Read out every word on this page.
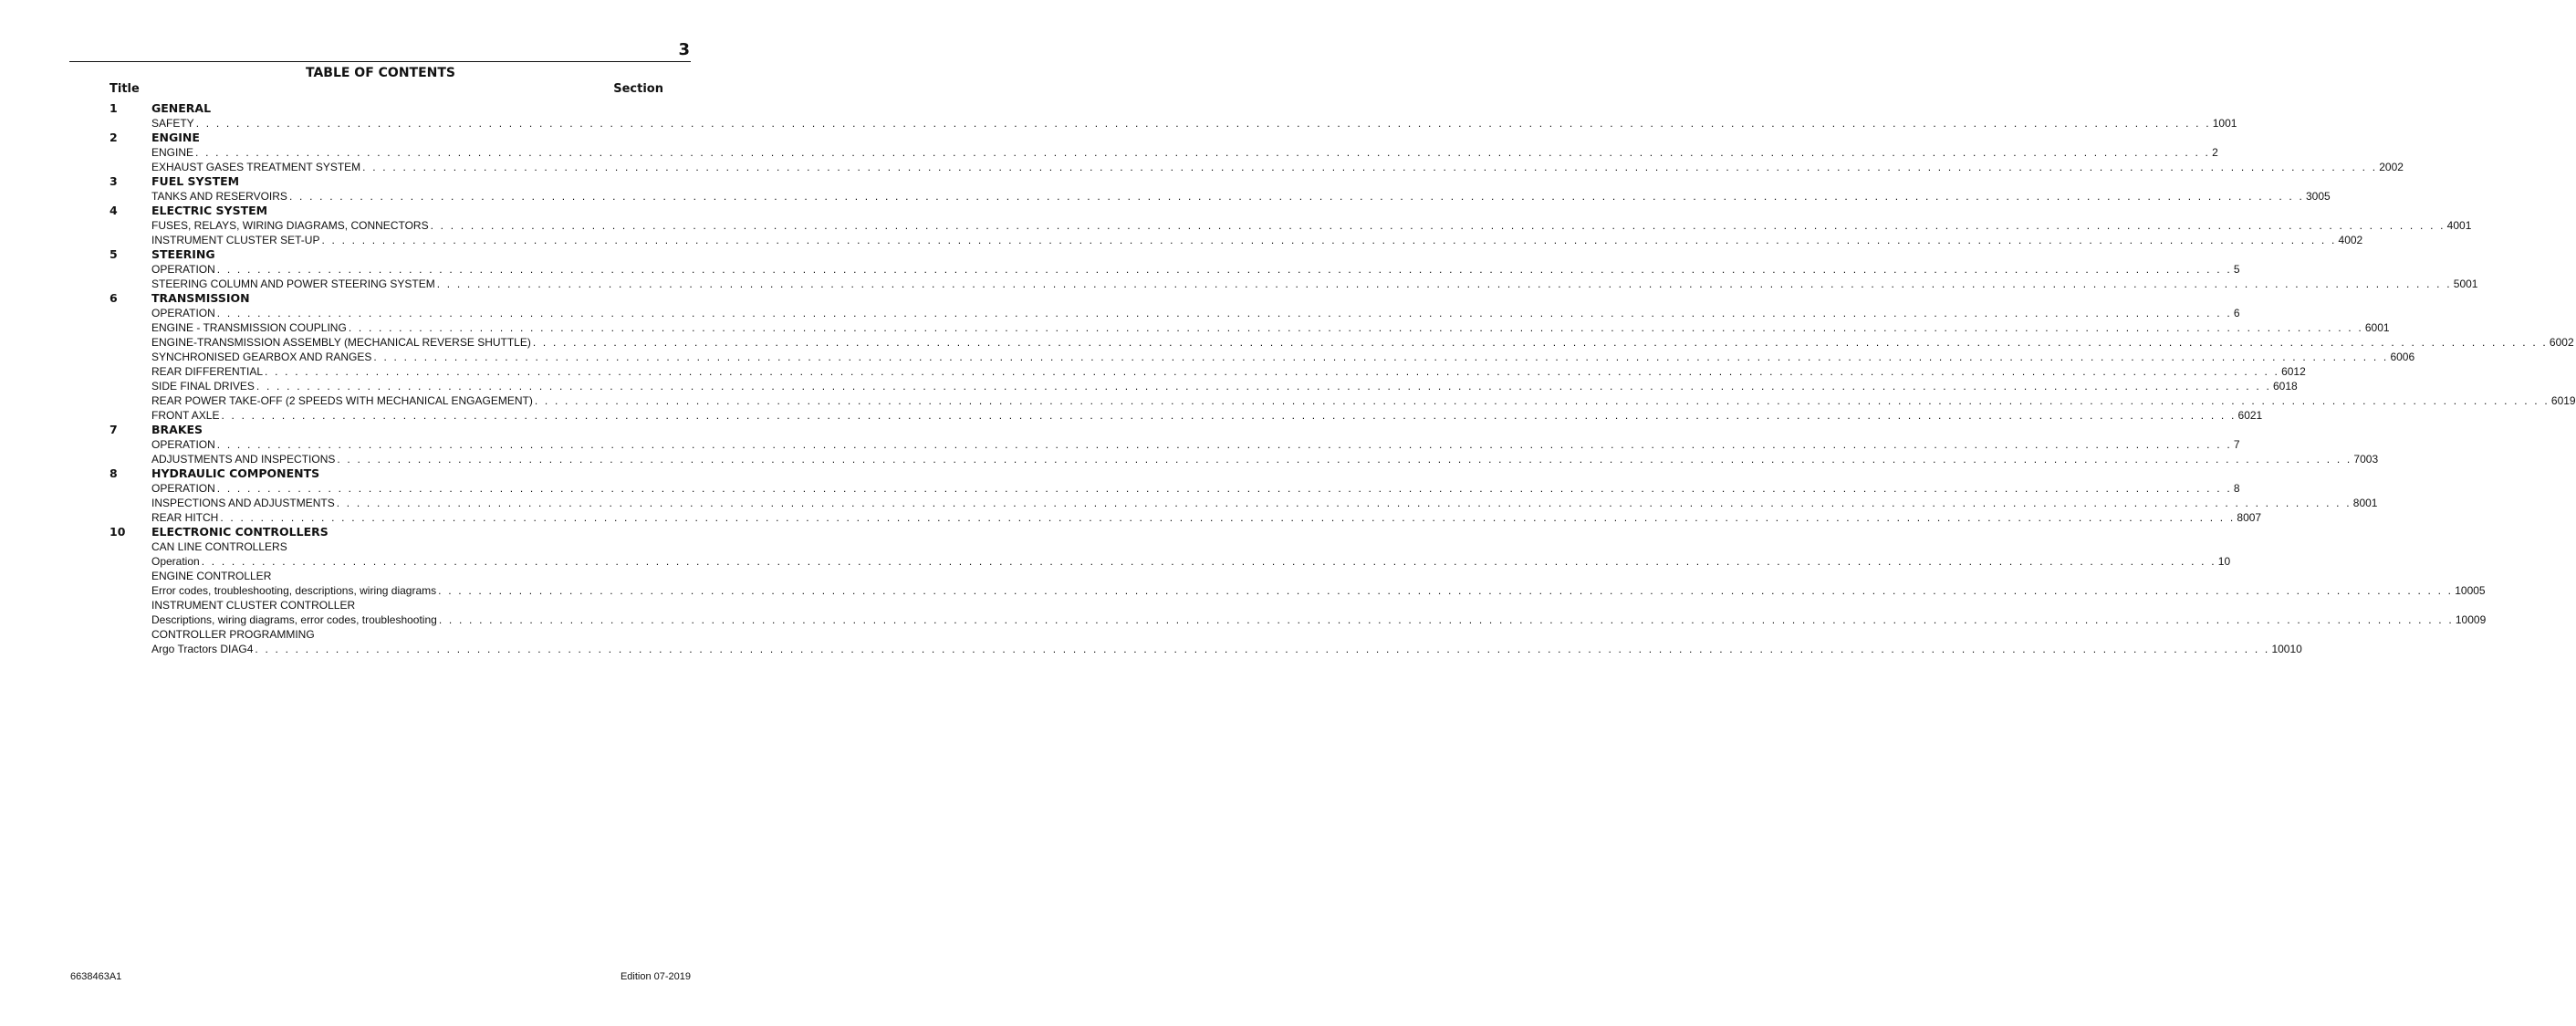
3
TABLE OF CONTENTS
Title	Section
1	GENERAL
SAFETY . . . . . . . . . . . . . . . . . . . . . . . . . . . . . . . . . . . . . . . . . . . . . . . . . . . . . . . . . . . . . . . . . . . . . . . . . . . . . . . . . . . . . . . . . . . . . . . . . . . . . . . . . . . . . . . . . . . . . . . . . . . . . . . . . . . . . . . . . . . . . . . . . . . . . . . . . . . . . . . . . . . . . . . . . . . . . . . . . . . . . . . . . . . . . . . . . . . . . . . . 1001
2	ENGINE
ENGINE . . . . . . . . . . . . . . . . . . . . . . . . . . . . . . . . . . . . . . . . . . . . . . . . . . . . . . . . . . . . . . . . . . . . . . . . . . . . . . . . . . . . . . . . . . . . . . . . . . . . . . . . . . . . . . . . . . . . . . . . . . . . . . . . . . . . . . . . . . . . . . . . . . . . . . . . . . . . . . . . . . . . . . . . . . . . . . . . . . . . . . . . . . . . . . . . . . . . . . . . 2
EXHAUST GASES TREATMENT SYSTEM . . . . . . . . . . . . . . . . . . . . . . . . . . . . . . . . . . . . . . . . . . . . . . . . . . . . . . . . . . . . . . . . . . . . . . . . . . . . . . . . . . . . . . . . . . . . . . . . . . . . . . . . . . . . . . . . . . . . . . . . . . . . . . . . . . . . . . . . . . . . . . . . . . . . . . . . . . . . . . . . . . . . . . . . . . . . . . . . . . . . . . . . . . . . . . . . . . . . . . . . 2002
3	FUEL SYSTEM
TANKS AND RESERVOIRS . . . . . . . . . . . . . . . . . . . . . . . . . . . . . . . . . . . . . . . . . . . . . . . . . . . . . . . . . . . . . . . . . . . . . . . . . . . . . . . . . . . . . . . . . . . . . . . . . . . . . . . . . . . . . . . . . . . . . . . . . . . . . . . . . . . . . . . . . . . . . . . . . . . . . . . . . . . . . . . . . . . . . . . . . . . . . . . . . . . . . . . . . . . . . . . . . . . . . . . . 3005
4	ELECTRIC SYSTEM
FUSES, RELAYS, WIRING DIAGRAMS, CONNECTORS . . . . . . . . . . . . . . . . . . . . . . . . . . . . . . . . . . . . . . . . . . . . . . . . . . . . . . . . . . . . . . . . . . . . . . . . . . . . . . . . . . . . . . . . . . . . . . . . . . . . . . . . . . . . . . . . . . . . . . . . . . . . . . . . . . . . . . . . . . . . . . . . . . . . . . . . . . . . . . . . . . . . . . . . . . . . . . . . . . . . . . . . . . . . . . . . . . . . . . . . 4001
INSTRUMENT CLUSTER SET-UP . . . . . . . . . . . . . . . . . . . . . . . . . . . . . . . . . . . . . . . . . . . . . . . . . . . . . . . . . . . . . . . . . . . . . . . . . . . . . . . . . . . . . . . . . . . . . . . . . . . . . . . . . . . . . . . . . . . . . . . . . . . . . . . . . . . . . . . . . . . . . . . . . . . . . . . . . . . . . . . . . . . . . . . . . . . . . . . . . . . . . . . . . . . . . . . . . . . . . . . . 4002
5	STEERING
OPERATION . . . . . . . . . . . . . . . . . . . . . . . . . . . . . . . . . . . . . . . . . . . . . . . . . . . . . . . . . . . . . . . . . . . . . . . . . . . . . . . . . . . . . . . . . . . . . . . . . . . . . . . . . . . . . . . . . . . . . . . . . . . . . . . . . . . . . . . . . . . . . . . . . . . . . . . . . . . . . . . . . . . . . . . . . . . . . . . . . . . . . . . . . . . . . . . . . . . . . . . . 5
STEERING COLUMN AND POWER STEERING SYSTEM . . . . . . . . . . . . . . . . . . . . . . . . . . . . . . . . . . . . . . . . . . . . . . . . . . . . . . . . . . . . . . . . . . . . . . . . . . . . . . . . . . . . . . . . . . . . . . . . . . . . . . . . . . . . . . . . . . . . . . . . . . . . . . . . . . . . . . . . . . . . . . . . . . . . . . . . . . . . . . . . . . . . . . . . . . . . . . . . . . . . . . . . . . . . . . . . . . . . . . . . 5001
6	TRANSMISSION
OPERATION . . . . . . . . . . . . . . . . . . . . . . . . . . . . . . . . . . . . . . . . . . . . . . . . . . . . . . . . . . . . . . . . . . . . . . . . . . . . . . . . . . . . . . . . . . . . . . . . . . . . . . . . . . . . . . . . . . . . . . . . . . . . . . . . . . . . . . . . . . . . . . . . . . . . . . . . . . . . . . . . . . . . . . . . . . . . . . . . . . . . . . . . . . . . . . . . . . . . . . . . 6
ENGINE - TRANSMISSION COUPLING . . . . . . . . . . . . . . . . . . . . . . . . . . . . . . . . . . . . . . . . . . . . . . . . . . . . . . . . . . . . . . . . . . . . . . . . . . . . . . . . . . . . . . . . . . . . . . . . . . . . . . . . . . . . . . . . . . . . . . . . . . . . . . . . . . . . . . . . . . . . . . . . . . . . . . . . . . . . . . . . . . . . . . . . . . . . . . . . . . . . . . . . . . . . . . . . . . . . . . . . 6001
ENGINE-TRANSMISSION ASSEMBLY (MECHANICAL REVERSE SHUTTLE) . . . . . . . . . . . . . . . . . . . . . . . . . . . . . . . . . . . . . . . . . . . . . . . . . . . . . . . . . . . . . . . . . . . . . . . . . . . . . . . . . . . . . . . . . . . . . . . . . . . . . . . . . . . . . . . . . . . . . . . . . . . . . . . . . . . . . . . . . . . . . . . . . . . . . . . . . . . . . . . . . . . . . . . . . . . . . . . . . . . . . . . . . . . . . . . . . . . . . . . . 6002
SYNCHRONISED GEARBOX AND RANGES . . . . . . . . . . . . . . . . . . . . . . . . . . . . . . . . . . . . . . . . . . . . . . . . . . . . . . . . . . . . . . . . . . . . . . . . . . . . . . . . . . . . . . . . . . . . . . . . . . . . . . . . . . . . . . . . . . . . . . . . . . . . . . . . . . . . . . . . . . . . . . . . . . . . . . . . . . . . . . . . . . . . . . . . . . . . . . . . . . . . . . . . . . . . . . . . . . . . . . . . 6006
REAR DIFFERENTIAL . . . . . . . . . . . . . . . . . . . . . . . . . . . . . . . . . . . . . . . . . . . . . . . . . . . . . . . . . . . . . . . . . . . . . . . . . . . . . . . . . . . . . . . . . . . . . . . . . . . . . . . . . . . . . . . . . . . . . . . . . . . . . . . . . . . . . . . . . . . . . . . . . . . . . . . . . . . . . . . . . . . . . . . . . . . . . . . . . . . . . . . . . . . . . . . . . . . . . . . . 6012
SIDE FINAL DRIVES . . . . . . . . . . . . . . . . . . . . . . . . . . . . . . . . . . . . . . . . . . . . . . . . . . . . . . . . . . . . . . . . . . . . . . . . . . . . . . . . . . . . . . . . . . . . . . . . . . . . . . . . . . . . . . . . . . . . . . . . . . . . . . . . . . . . . . . . . . . . . . . . . . . . . . . . . . . . . . . . . . . . . . . . . . . . . . . . . . . . . . . . . . . . . . . . . . . . . . . . 6018
REAR POWER TAKE-OFF (2 SPEEDS WITH MECHANICAL ENGAGEMENT) . . . . . . . . . . . . . . . . . . . . . . . . . . . . . . . . . . . . . . . . . . . . . . . . . . . . . . . . . . . . . . . . . . . . . . . . . . . . . . . . . . . . . . . . . . . . . . . . . . . . . . . . . . . . . . . . . . . . . . . . . . . . . . . . . . . . . . . . . . . . . . . . . . . . . . . . . . . . . . . . . . . . . . . . . . . . . . . . . . . . . . . . . . . . . . . . . . . . . . . . 6019
FRONT AXLE . . . . . . . . . . . . . . . . . . . . . . . . . . . . . . . . . . . . . . . . . . . . . . . . . . . . . . . . . . . . . . . . . . . . . . . . . . . . . . . . . . . . . . . . . . . . . . . . . . . . . . . . . . . . . . . . . . . . . . . . . . . . . . . . . . . . . . . . . . . . . . . . . . . . . . . . . . . . . . . . . . . . . . . . . . . . . . . . . . . . . . . . . . . . . . . . . . . . . . . . 6021
7	BRAKES
OPERATION . . . . . . . . . . . . . . . . . . . . . . . . . . . . . . . . . . . . . . . . . . . . . . . . . . . . . . . . . . . . . . . . . . . . . . . . . . . . . . . . . . . . . . . . . . . . . . . . . . . . . . . . . . . . . . . . . . . . . . . . . . . . . . . . . . . . . . . . . . . . . . . . . . . . . . . . . . . . . . . . . . . . . . . . . . . . . . . . . . . . . . . . . . . . . . . . . . . . . . . . 7
ADJUSTMENTS AND INSPECTIONS . . . . . . . . . . . . . . . . . . . . . . . . . . . . . . . . . . . . . . . . . . . . . . . . . . . . . . . . . . . . . . . . . . . . . . . . . . . . . . . . . . . . . . . . . . . . . . . . . . . . . . . . . . . . . . . . . . . . . . . . . . . . . . . . . . . . . . . . . . . . . . . . . . . . . . . . . . . . . . . . . . . . . . . . . . . . . . . . . . . . . . . . . . . . . . . . . . . . . . . . 7003
8	HYDRAULIC COMPONENTS
OPERATION . . . . . . . . . . . . . . . . . . . . . . . . . . . . . . . . . . . . . . . . . . . . . . . . . . . . . . . . . . . . . . . . . . . . . . . . . . . . . . . . . . . . . . . . . . . . . . . . . . . . . . . . . . . . . . . . . . . . . . . . . . . . . . . . . . . . . . . . . . . . . . . . . . . . . . . . . . . . . . . . . . . . . . . . . . . . . . . . . . . . . . . . . . . . . . . . . . . . . . . . 8
INSPECTIONS AND ADJUSTMENTS . . . . . . . . . . . . . . . . . . . . . . . . . . . . . . . . . . . . . . . . . . . . . . . . . . . . . . . . . . . . . . . . . . . . . . . . . . . . . . . . . . . . . . . . . . . . . . . . . . . . . . . . . . . . . . . . . . . . . . . . . . . . . . . . . . . . . . . . . . . . . . . . . . . . . . . . . . . . . . . . . . . . . . . . . . . . . . . . . . . . . . . . . . . . . . . . . . . . . . . . 8001
REAR HITCH . . . . . . . . . . . . . . . . . . . . . . . . . . . . . . . . . . . . . . . . . . . . . . . . . . . . . . . . . . . . . . . . . . . . . . . . . . . . . . . . . . . . . . . . . . . . . . . . . . . . . . . . . . . . . . . . . . . . . . . . . . . . . . . . . . . . . . . . . . . . . . . . . . . . . . . . . . . . . . . . . . . . . . . . . . . . . . . . . . . . . . . . . . . . . . . . . . . . . . . . 8007
10 ELECTRONIC CONTROLLERS
CAN LINE CONTROLLERS
Operation . . . . . . . . . . . . . . . . . . . . . . . . . . . . . . . . . . . . . . . . . . . . . . . . . . . . . . . . . . . . . . . . . . . . . . . . . . . . . . . . . . . . . . . . . . . . . . . . . . . . . . . . . . . . . . . . . . . . . . . . . . . . . . . . . . . . . . . . . . . . . . . . . . . . . . . . . . . . . . . . . . . . . . . . . . . . . . . . . . . . . . . . . . . . . . . . . . . . . . . . 10
ENGINE CONTROLLER
Error codes, troubleshooting, descriptions, wiring diagrams . . . . . . . . . . . . . . . . . . . . . . . . . . . . . . . . . . . . . . . . . . . . . . . . . . . . . . . . . . . . . . . . . . . . . . . . . . . . . . . . . . . . . . . . . . . . . . . . . . . . . . . . . . . . . . . . . . . . . . . . . . . . . . . . . . . . . . . . . . . . . . . . . . . . . . . . . . . . . . . . . . . . . . . . . . . . . . . . . . . . . . . . . . . . . . . . . . . . . . . . 10005
INSTRUMENT CLUSTER CONTROLLER
Descriptions, wiring diagrams, error codes, troubleshooting . . . . . . . . . . . . . . . . . . . . . . . . . . . . . . . . . . . . . . . . . . . . . . . . . . . . . . . . . . . . . . . . . . . . . . . . . . . . . . . . . . . . . . . . . . . . . . . . . . . . . . . . . . . . . . . . . . . . . . . . . . . . . . . . . . . . . . . . . . . . . . . . . . . . . . . . . . . . . . . . . . . . . . . . . . . . . . . . . . . . . . . . . . . . . . . . . . . . . . . . 10009
CONTROLLER PROGRAMMING
Argo Tractors DIAG4 . . . . . . . . . . . . . . . . . . . . . . . . . . . . . . . . . . . . . . . . . . . . . . . . . . . . . . . . . . . . . . . . . . . . . . . . . . . . . . . . . . . . . . . . . . . . . . . . . . . . . . . . . . . . . . . . . . . . . . . . . . . . . . . . . . . . . . . . . . . . . . . . . . . . . . . . . . . . . . . . . . . . . . . . . . . . . . . . . . . . . . . . . . . . . . . . . . . . . . . . 10010
6638463A1	Edition 07-2019
